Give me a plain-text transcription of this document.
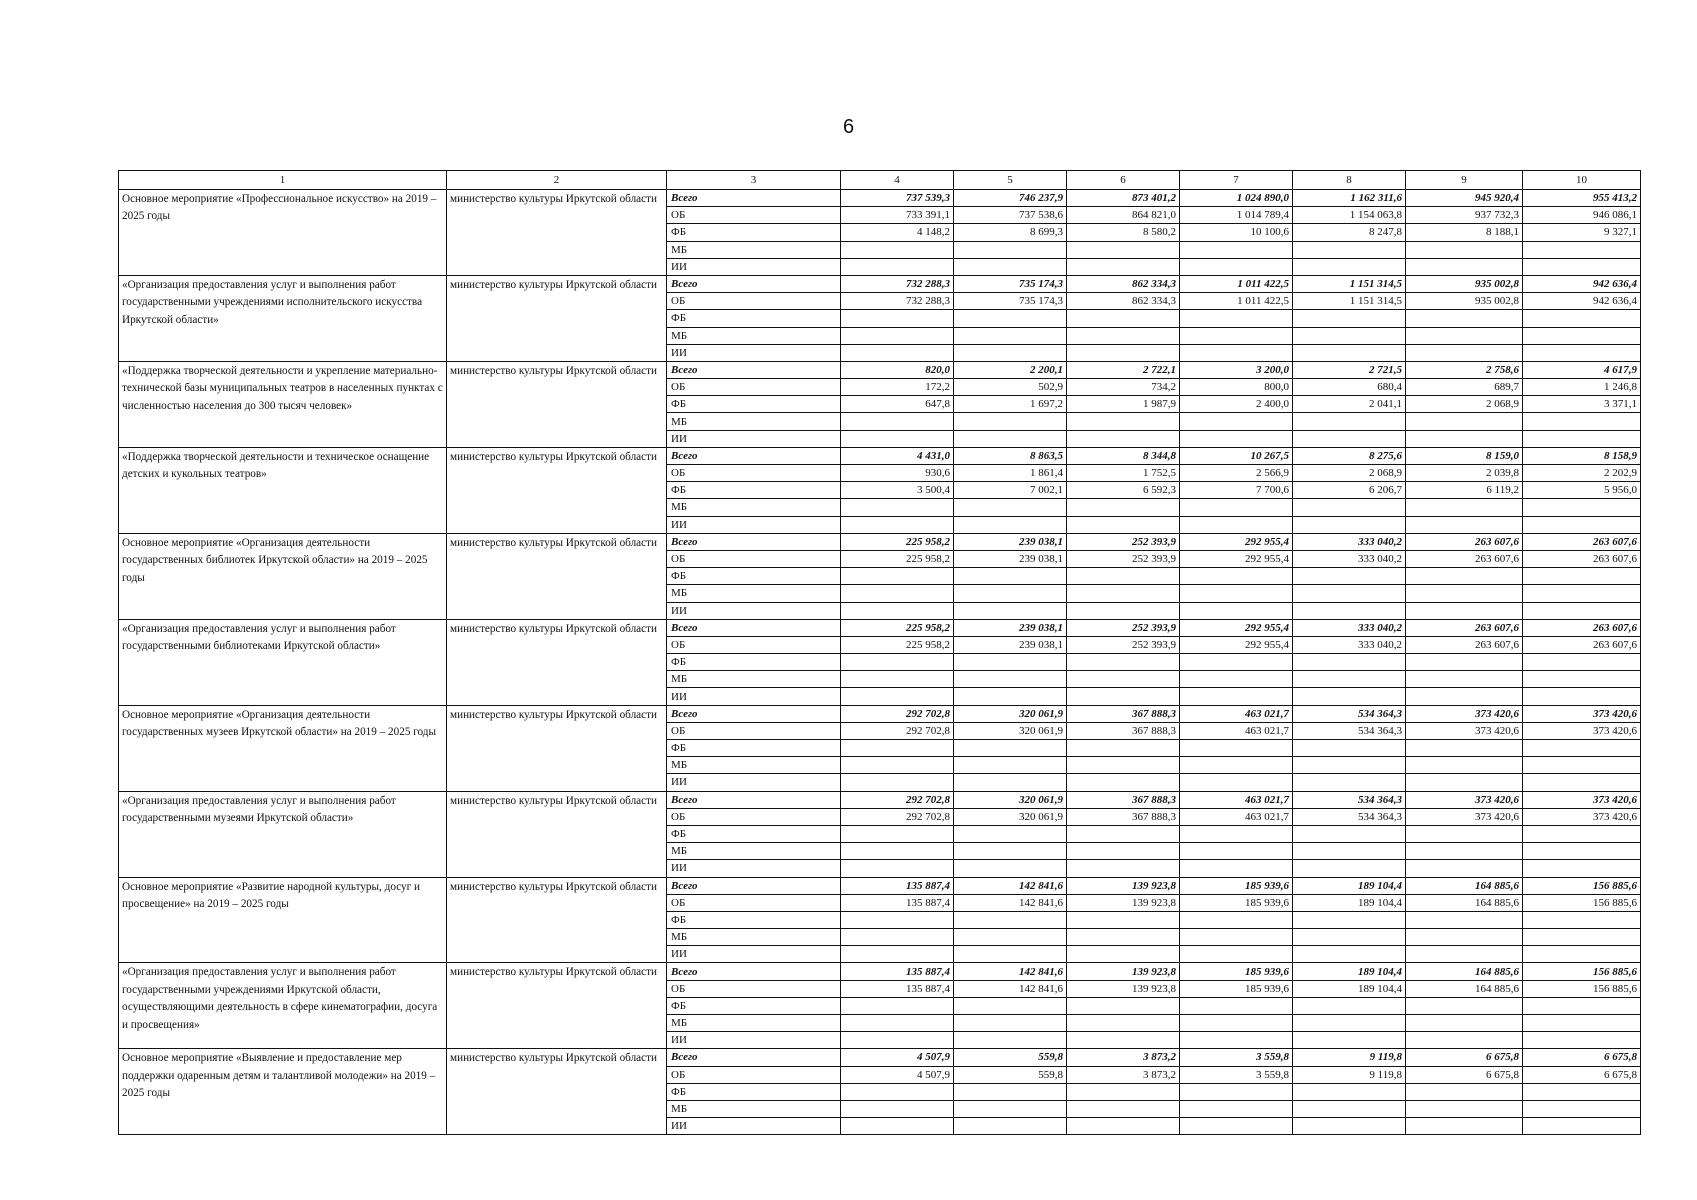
6
1	2	3	4	5	6	7	8	9	10
Основное мероприятие «Профессиональное искусство» на 2019 – 2025 годы	министерство культуры Иркутской области	Всего	737 539,3	746 237,9	873 401,2	1 024 890,0	1 162 311,6	945 920,4	955 413,2
		ОБ	733 391,1	737 538,6	864 821,0	1 014 789,4	1 154 063,8	937 732,3	946 086,1
		ФБ	4 148,2	8 699,3	8 580,2	10 100,6	8 247,8	8 188,1	9 327,1
		МБ							
		ИИ							
«Организация предоставления услуг и выполнения работ государственными учреждениями исполнительского искусства Иркутской области»	министерство культуры Иркутской области	Всего	732 288,3	735 174,3	862 334,3	1 011 422,5	1 151 314,5	935 002,8	942 636,4
		ОБ	732 288,3	735 174,3	862 334,3	1 011 422,5	1 151 314,5	935 002,8	942 636,4
		ФБ							
		МБ							
		ИИ							
«Поддержка творческой деятельности и укрепление материально-технической базы муниципальных театров в населенных пунктах с численностью населения до 300 тысяч человек»	министерство культуры Иркутской области	Всего	820,0	2 200,1	2 722,1	3 200,0	2 721,5	2 758,6	4 617,9
		ОБ	172,2	502,9	734,2	800,0	680,4	689,7	1 246,8
		ФБ	647,8	1 697,2	1 987,9	2 400,0	2 041,1	2 068,9	3 371,1
		МБ							
		ИИ							
«Поддержка творческой деятельности и техническое оснащение детских и кукольных театров»	министерство культуры Иркутской области	Всего	4 431,0	8 863,5	8 344,8	10 267,5	8 275,6	8 159,0	8 158,9
		ОБ	930,6	1 861,4	1 752,5	2 566,9	2 068,9	2 039,8	2 202,9
		ФБ	3 500,4	7 002,1	6 592,3	7 700,6	6 206,7	6 119,2	5 956,0
		МБ							
		ИИ							
Основное мероприятие «Организация деятельности государственных библиотек Иркутской области» на 2019 – 2025 годы	министерство культуры Иркутской области	Всего	225 958,2	239 038,1	252 393,9	292 955,4	333 040,2	263 607,6	263 607,6
		ОБ	225 958,2	239 038,1	252 393,9	292 955,4	333 040,2	263 607,6	263 607,6
		ФБ							
		МБ							
		ИИ							
«Организация предоставления услуг и выполнения работ государственными библиотеками Иркутской области»	министерство культуры Иркутской области	Всего	225 958,2	239 038,1	252 393,9	292 955,4	333 040,2	263 607,6	263 607,6
		ОБ	225 958,2	239 038,1	252 393,9	292 955,4	333 040,2	263 607,6	263 607,6
		ФБ							
		МБ							
		ИИ							
Основное мероприятие «Организация деятельности государственных музеев Иркутской области» на 2019 – 2025 годы	министерство культуры Иркутской области	Всего	292 702,8	320 061,9	367 888,3	463 021,7	534 364,3	373 420,6	373 420,6
		ОБ	292 702,8	320 061,9	367 888,3	463 021,7	534 364,3	373 420,6	373 420,6
		ФБ							
		МБ							
		ИИ							
«Организация предоставления услуг и выполнения работ государственными музеями Иркутской области»	министерство культуры Иркутской области	Всего	292 702,8	320 061,9	367 888,3	463 021,7	534 364,3	373 420,6	373 420,6
		ОБ	292 702,8	320 061,9	367 888,3	463 021,7	534 364,3	373 420,6	373 420,6
		ФБ							
		МБ							
		ИИ							
Основное мероприятие «Развитие народной культуры, досуг и просвещение» на 2019 – 2025 годы	министерство культуры Иркутской области	Всего	135 887,4	142 841,6	139 923,8	185 939,6	189 104,4	164 885,6	156 885,6
		ОБ	135 887,4	142 841,6	139 923,8	185 939,6	189 104,4	164 885,6	156 885,6
		ФБ							
		МБ							
		ИИ							
«Организация предоставления услуг и выполнения работ государственными учреждениями Иркутской области, осуществляющими деятельность в сфере кинематографии, досуга и просвещения»	министерство культуры Иркутской области	Всего	135 887,4	142 841,6	139 923,8	185 939,6	189 104,4	164 885,6	156 885,6
		ОБ	135 887,4	142 841,6	139 923,8	185 939,6	189 104,4	164 885,6	156 885,6
		ФБ							
		МБ							
		ИИ							
Основное мероприятие «Выявление и предоставление мер поддержки одаренным детям и талантливой молодежи» на 2019 – 2025 годы	министерство культуры Иркутской области	Всего	4 507,9	559,8	3 873,2	3 559,8	9 119,8	6 675,8	6 675,8
		ОБ	4 507,9	559,8	3 873,2	3 559,8	9 119,8	6 675,8	6 675,8
		ФБ							
		МБ							
		ИИ							
